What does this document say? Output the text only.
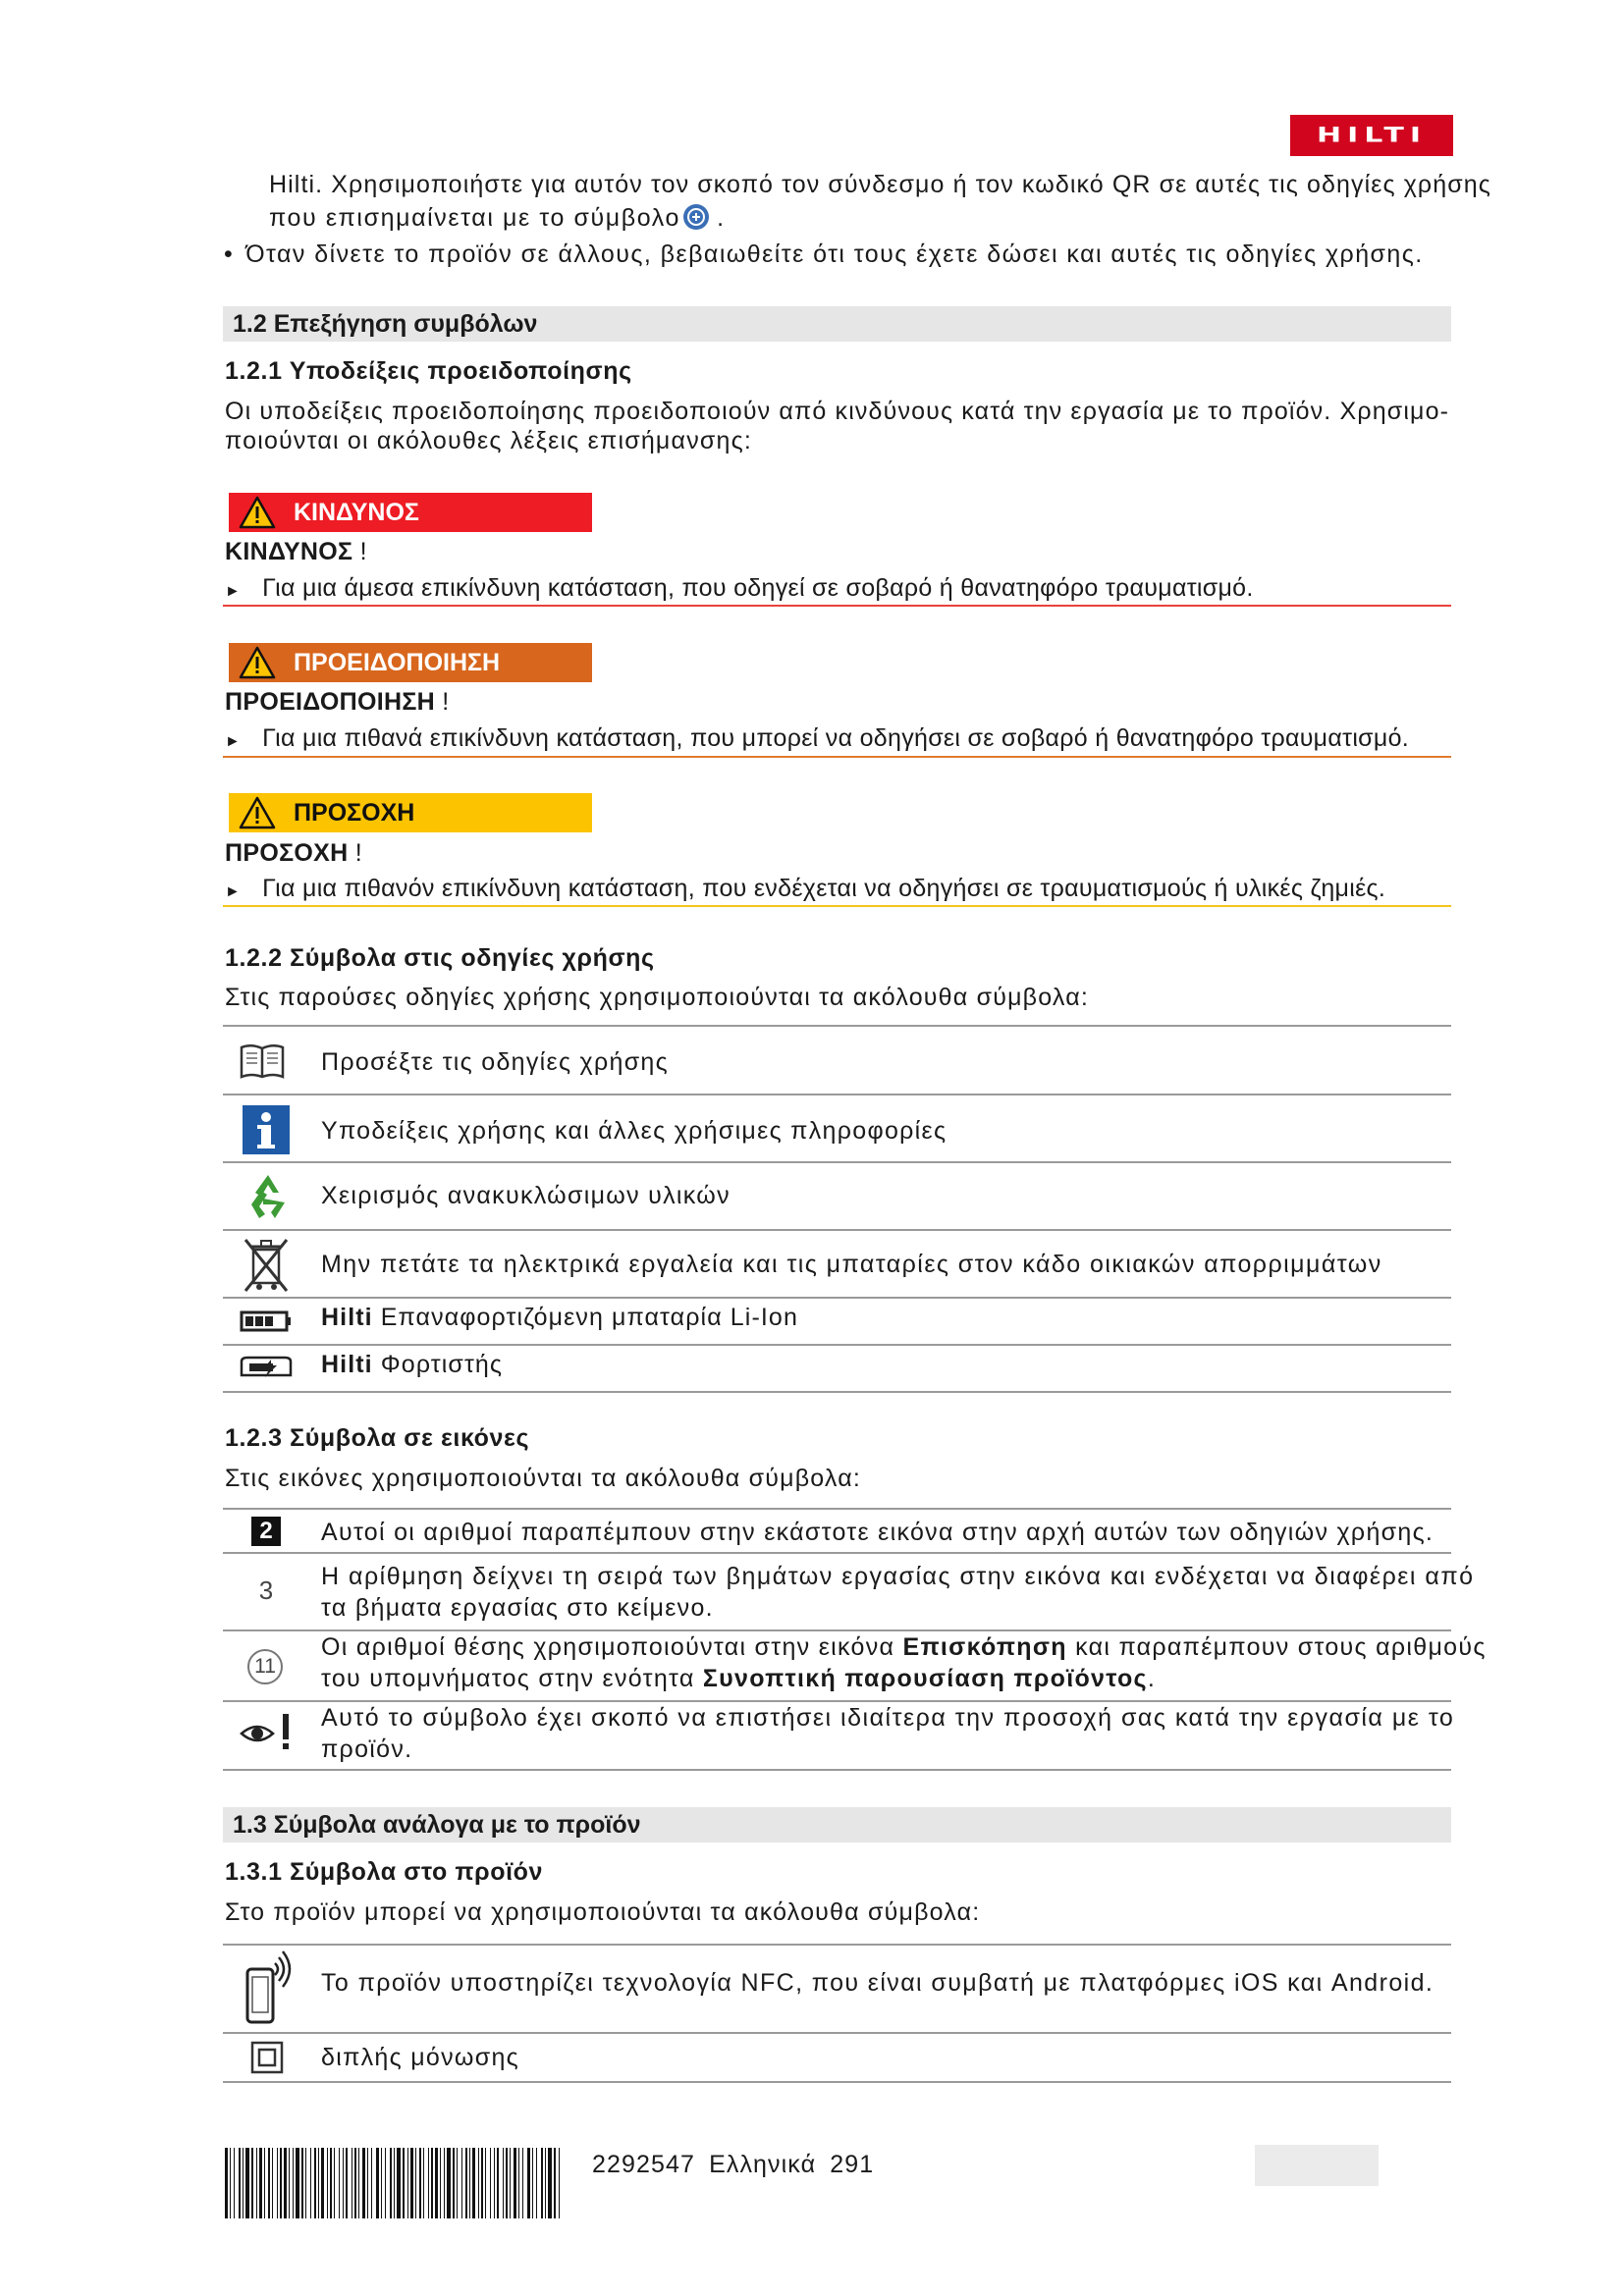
HILTI
Hilti. Χρησιμοποιήστε για αυτόν τον σκοπό τον σύνδεσμο ή τον κωδικό QR σε αυτές τις οδηγίες χρήσης
που επισημαίνεται με το σύμβολο .
• Όταν δίνετε το προϊόν σε άλλους, βεβαιωθείτε ότι τους έχετε δώσει και αυτές τις οδηγίες χρήσης.
1.2 Επεξήγηση συμβόλων
1.2.1 Υποδείξεις προειδοποίησης
Οι υποδείξεις προειδοποίησης προειδοποιούν από κινδύνους κατά την εργασία με το προϊόν. Χρησιμο-
ποιούνται οι ακόλουθες λέξεις επισήμανσης:
ΚΙΝΔΥΝΟΣ
ΚΙΝΔΥΝΟΣ !
► Για μια άμεσα επικίνδυνη κατάσταση, που οδηγεί σε σοβαρό ή θανατηφόρο τραυματισμό.
ΠΡΟΕΙΔΟΠΟΙΗΣΗ
ΠΡΟΕΙΔΟΠΟΙΗΣΗ !
► Για μια πιθανά επικίνδυνη κατάσταση, που μπορεί να οδηγήσει σε σοβαρό ή θανατηφόρο τραυματισμό.
ΠΡΟΣΟΧΗ
ΠΡΟΣΟΧΗ !
► Για μια πιθανόν επικίνδυνη κατάσταση, που ενδέχεται να οδηγήσει σε τραυματισμούς ή υλικές ζημιές.
1.2.2 Σύμβολα στις οδηγίες χρήσης
Στις παρούσες οδηγίες χρήσης χρησιμοποιούνται τα ακόλουθα σύμβολα:
Προσέξτε τις οδηγίες χρήσης
Υποδείξεις χρήσης και άλλες χρήσιμες πληροφορίες
Χειρισμός ανακυκλώσιμων υλικών
Μην πετάτε τα ηλεκτρικά εργαλεία και τις μπαταρίες στον κάδο οικιακών απορριμμάτων
Hilti Επαναφορτιζόμενη μπαταρία Li-Ion
Hilti Φορτιστής
1.2.3 Σύμβολα σε εικόνες
Στις εικόνες χρησιμοποιούνται τα ακόλουθα σύμβολα:
2	Αυτοί οι αριθμοί παραπέμπουν στην εκάστοτε εικόνα στην αρχή αυτών των οδηγιών χρήσης.
3	Η αρίθμηση δείχνει τη σειρά των βημάτων εργασίας στην εικόνα και ενδέχεται να διαφέρει από
τα βήματα εργασίας στο κείμενο.
11
Οι αριθμοί θέσης χρησιμοποιούνται στην εικόνα Επισκόπηση και παραπέμπουν στους αριθμούς
του υπομνήματος στην ενότητα Συνοπτική παρουσίαση προϊόντος.
Αυτό το σύμβολο έχει σκοπό να επιστήσει ιδιαίτερα την προσοχή σας κατά την εργασία με το
προϊόν.
1.3 Σύμβολα ανάλογα με το προϊόν
1.3.1 Σύμβολα στο προϊόν
Στο προϊόν μπορεί να χρησιμοποιούνται τα ακόλουθα σύμβολα:
Το προϊόν υποστηρίζει τεχνολογία NFC, που είναι συμβατή με πλατφόρμες iOS και Android.
διπλής μόνωσης
2292547 Ελληνικά 291
